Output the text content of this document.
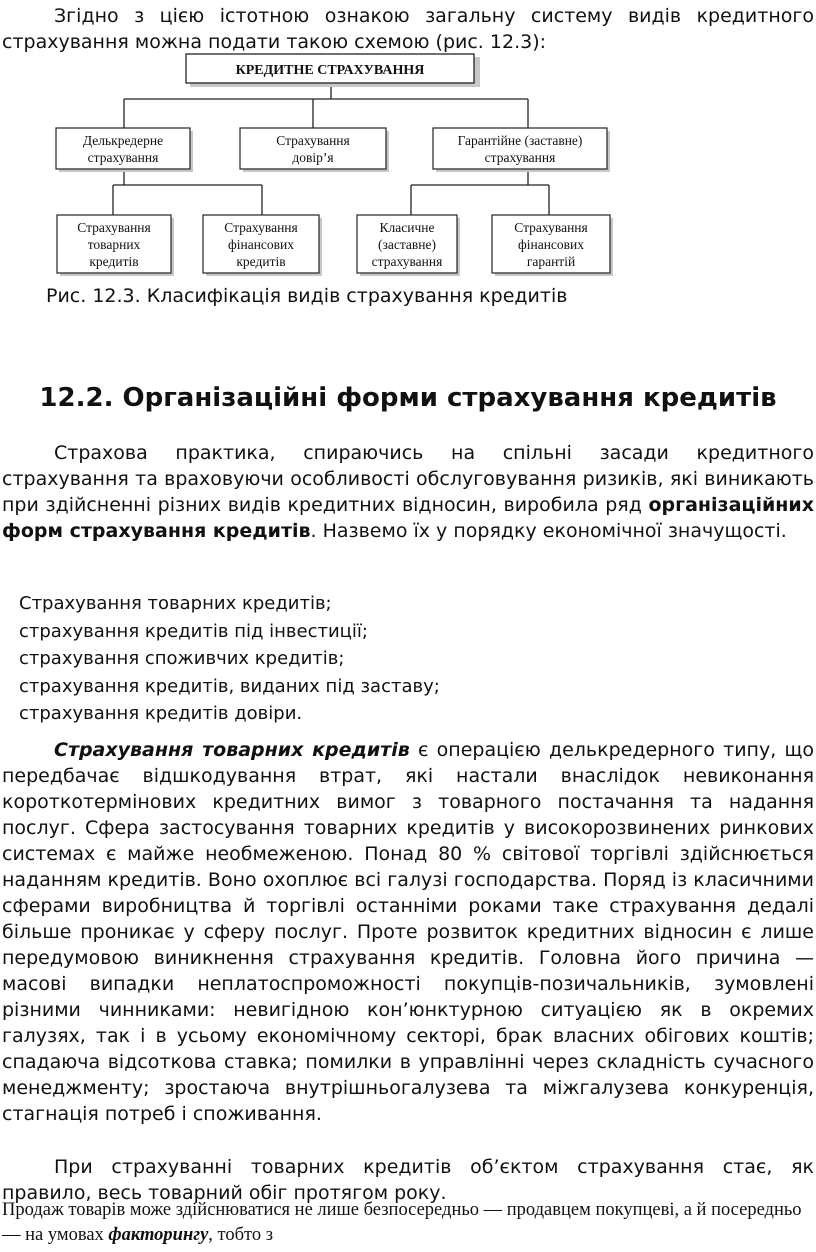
Згідно з цією істотною ознакою загальну систему видів кредитного страхування можна подати такою схемою (рис. 12.3):

КРЕДИТНЕ СТРАХУВАННЯ
Делькредерне
страхування
Страхування
довір’я
Гарантійне (заставне)
страхування
Страхування
товарних
кредитів
Страхування
фінансових
кредитів
Класичне
(заставне)
страхування
Страхування
фінансових
гарантій

Рис. 12.3. Класифікація видів страхування кредитів

12.2. Організаційні форми страхування кредитів

Страхова практика, спираючись на спільні засади кредитного страхування та враховуючи особливості обслуговування ризиків, які виникають при здійсненні різних видів кредитних відносин, виробила ряд організаційних форм страхування кредитів. Назвемо їх у порядку економічної значущості.

Страхування товарних кредитів;
страхування кредитів під інвестиції;
страхування споживчих кредитів;
страхування кредитів, виданих під заставу;
страхування кредитів довіри.

Страхування товарних кредитів є операцією делькредерного типу, що передбачає відшкодування втрат, які настали внаслідок невиконання короткотермінових кредитних вимог з товарного постачання та надання послуг. Сфера застосування товарних кредитів у високорозвинених ринкових системах є майже необмеженою. Понад 80 % світової торгівлі здійснюється наданням кредитів. Воно охоплює всі галузі господарства. Поряд із класичними сферами виробництва й торгівлі останніми роками таке страхування дедалі більше проникає у сферу послуг. Проте розвиток кредитних відносин є лише передумовою виникнення страхування кредитів. Головна його причина — масові випадки неплатоспроможності покупців-позичальників, зумовлені різними чинниками: невигідною кон’юнктурною ситуацією як в окремих галузях, так і в усьому економічному секторі, брак власних обігових коштів; спадаюча відсоткова ставка; помилки в управлінні через складність сучасного менеджменту; зростаюча внутрішньогалузева та міжгалузева конкуренція, стагнація потреб і споживання.

При страхуванні товарних кредитів об’єктом страхування стає, як правило, весь товарний обіг протягом року.

Продаж товарів може здійснюватися не лише безпосередньо — продавцем покупцеві, а й посередньо — на умовах факторингу, тобто з
